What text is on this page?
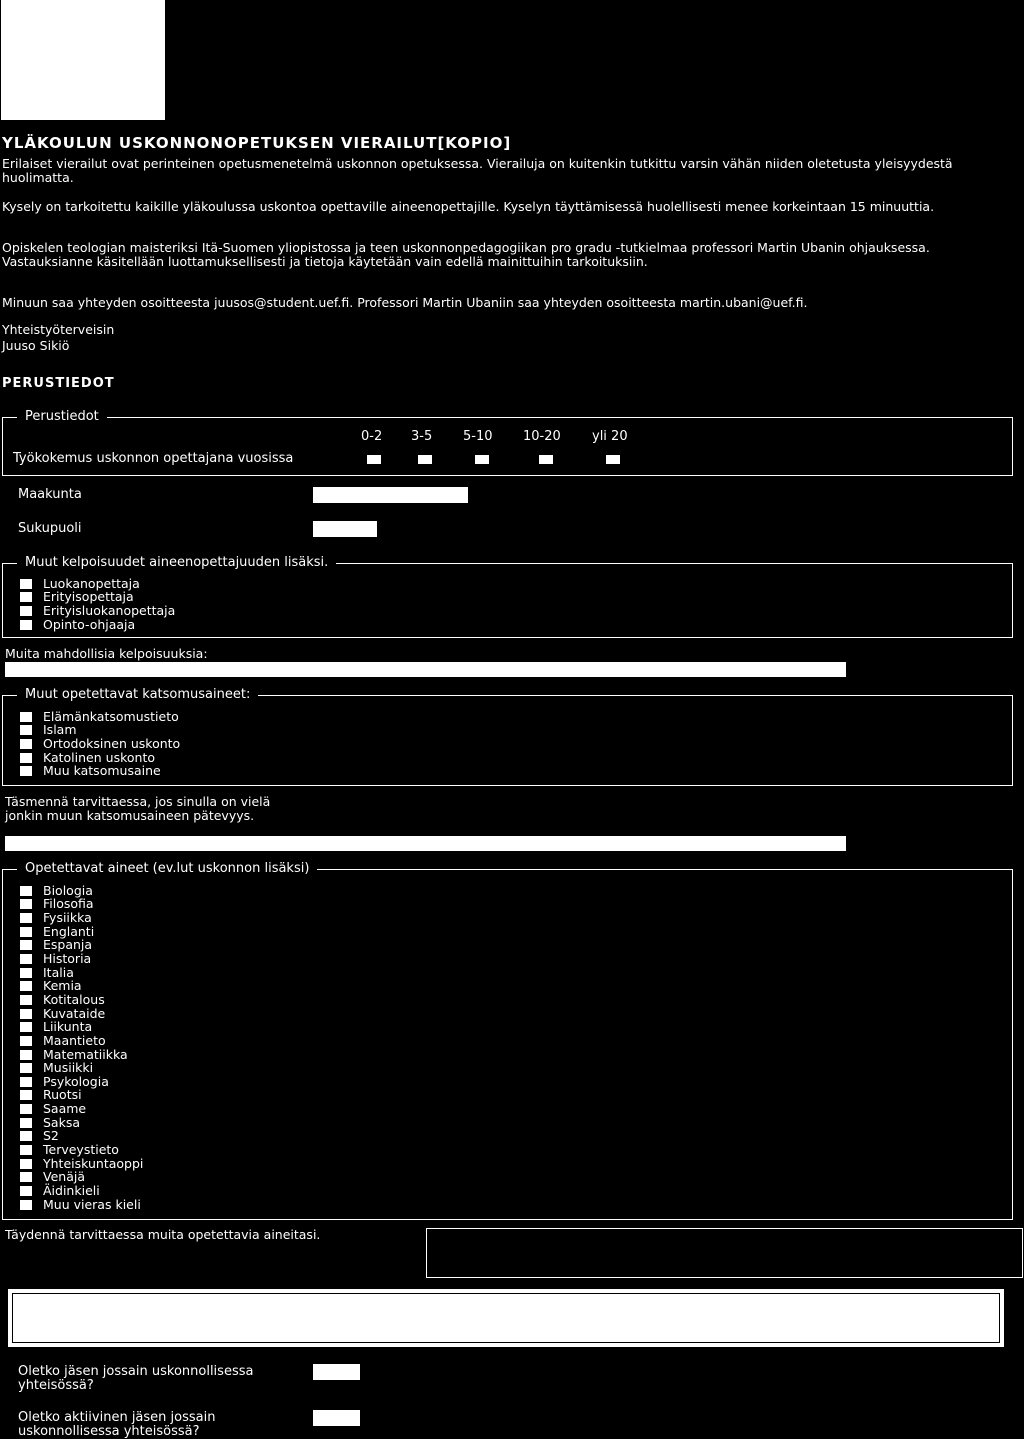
YLÄKOULUN USKONNONOPETUKSEN VIERAILUT[KOPIO]
Erilaiset vierailut ovat perinteinen opetusmenetelmä uskonnon opetuksessa. Vierailuja on kuitenkin tutkittu varsin vähän niiden oletetusta yleisyydestä huolimatta.
Kysely on tarkoitettu kaikille yläkoulussa uskontoa opettaville aineenopettajille. Kyselyn täyttämisessä huolellisesti menee korkeintaan 15 minuuttia.
Opiskelen teologian maisteriksi Itä-Suomen yliopistossa ja teen uskonnonpedagogiikan pro gradu -tutkielmaa professori Martin Ubanin ohjauksessa. Vastauksianne käsitellään luottamuksellisesti ja tietoja käytetään vain edellä mainittuihin tarkoituksiin.
Minuun saa yhteyden osoitteesta juusos@student.uef.fi. Professori Martin Ubaniin saa yhteyden osoitteesta martin.ubani@uef.fi.
Yhteistyöterveisin
Juuso Sikiö
PERUSTIEDOT
Perustiedot
0-2 3-5 5-10 10-20 yli 20
Työkokemus uskonnon opettajana vuosissa
Maakunta
Sukupuoli
Muut kelpoisuudet aineenopettajuuden lisäksi.
Luokanopettaja
Erityisopettaja
Erityisluokanopettaja
Opinto-ohjaaja
Muita mahdollisia kelpoisuuksia:
Muut opetettavat katsomusaineet:
Elämänkatsomustieto
Islam
Ortodoksinen uskonto
Katolinen uskonto
Muu katsomusaine
Täsmennä tarvittaessa, jos sinulla on vielä jonkin muun katsomusaineen pätevyys.
Opetettavat aineet (ev.lut uskonnon lisäksi)
Biologia
Filosofia
Fysiikka
Englanti
Espanja
Historia
Italia
Kemia
Kotitalous
Kuvataide
Liikunta
Maantieto
Matematiikka
Musiikki
Psykologia
Ruotsi
Saame
Saksa
S2
Terveystieto
Yhteiskuntaoppi
Venäjä
Äidinkieli
Muu vieras kieli
Täydennä tarvittaessa muita opetettavia aineitasi.
Oletko jäsen jossain uskonnollisessa yhteisössä?
Oletko aktiivinen jäsen jossain uskonnollisessa yhteisössä?
